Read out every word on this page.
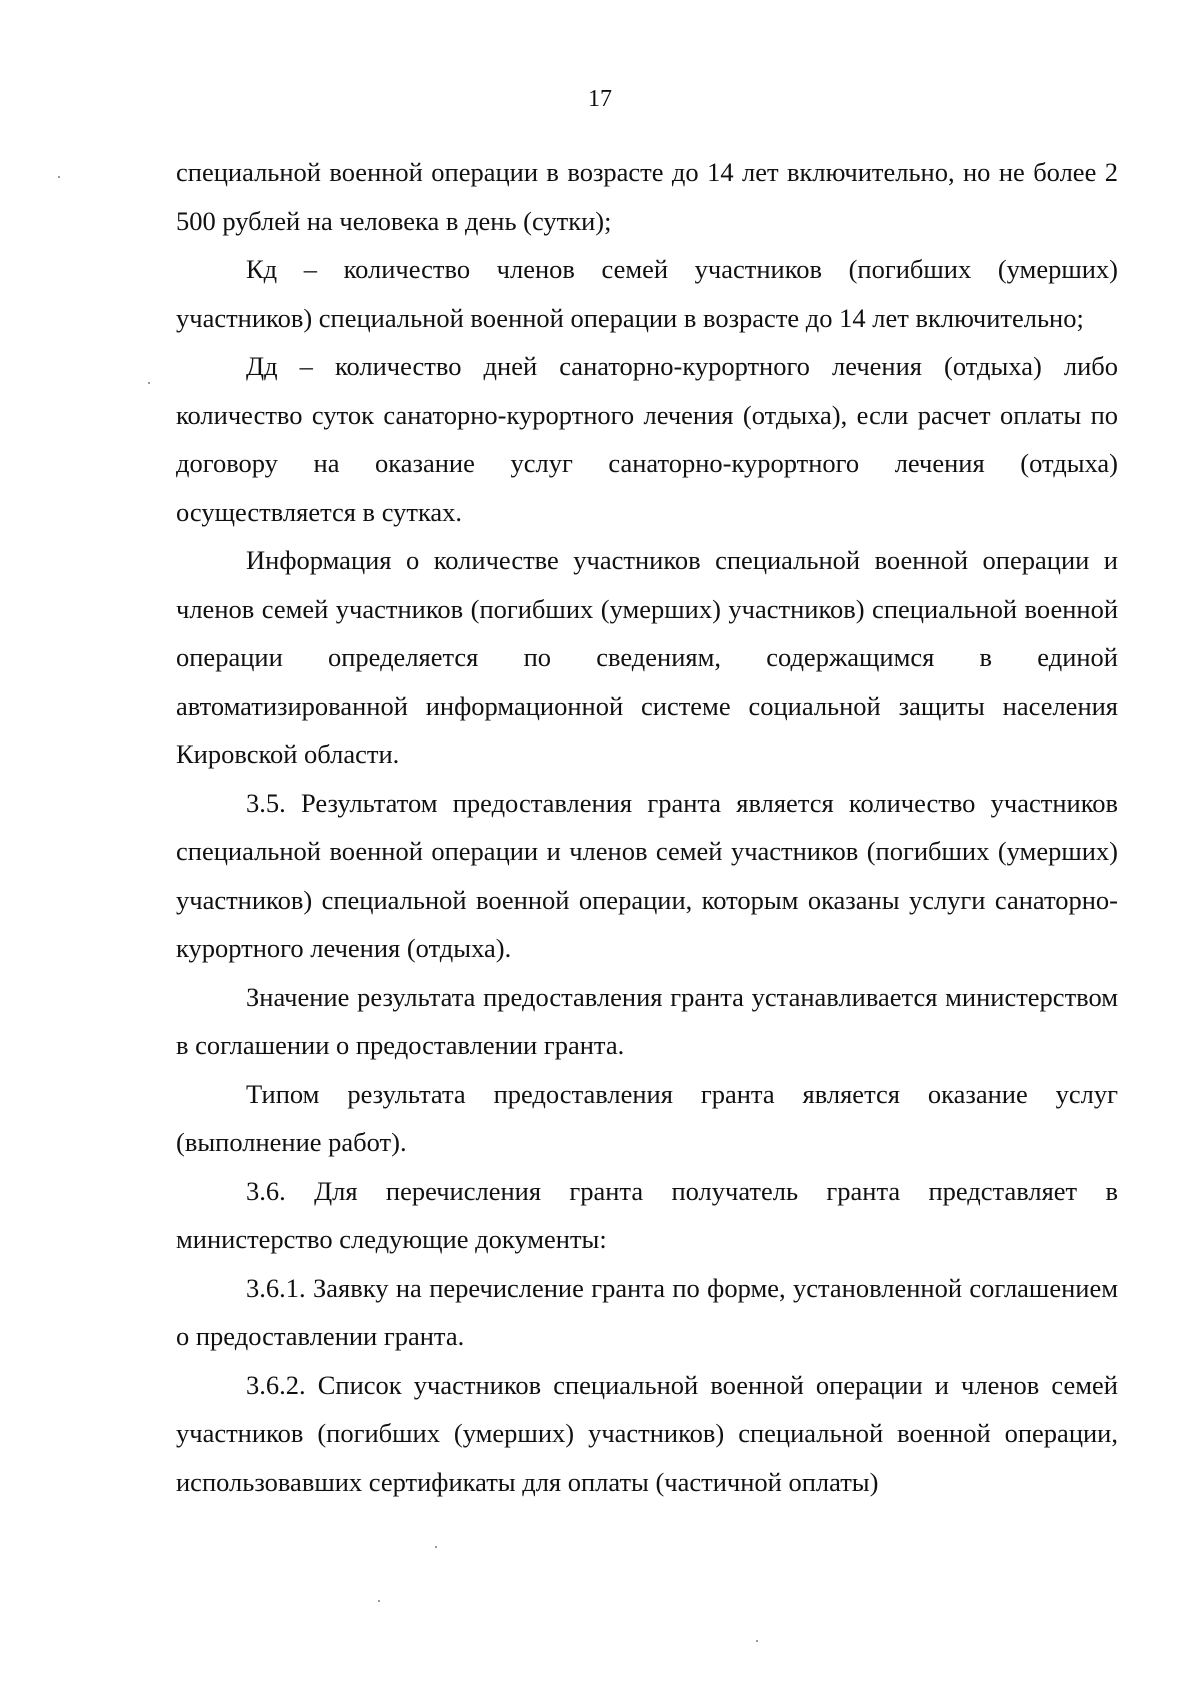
17

специальной военной операции в возрасте до 14 лет включительно, но не более 2 500 рублей на человека в день (сутки);

Кд – количество членов семей участников (погибших (умерших) участников) специальной военной операции в возрасте до 14 лет включительно;

Дд – количество дней санаторно-курортного лечения (отдыха) либо количество суток санаторно-курортного лечения (отдыха), если расчет оплаты по договору на оказание услуг санаторно-курортного лечения (отдыха) осуществляется в сутках.

Информация о количестве участников специальной военной операции и членов семей участников (погибших (умерших) участников) специальной военной операции определяется по сведениям, содержащимся в единой автоматизированной информационной системе социальной защиты населения Кировской области.

3.5. Результатом предоставления гранта является количество участников специальной военной операции и членов семей участников (погибших (умерших) участников) специальной военной операции, которым оказаны услуги санаторно-курортного лечения (отдыха).

Значение результата предоставления гранта устанавливается министерством в соглашении о предоставлении гранта.

Типом результата предоставления гранта является оказание услуг (выполнение работ).

3.6. Для перечисления гранта получатель гранта представляет в министерство следующие документы:

3.6.1. Заявку на перечисление гранта по форме, установленной соглашением о предоставлении гранта.

3.6.2. Список участников специальной военной операции и членов семей участников (погибших (умерших) участников) специальной военной операции, использовавших сертификаты для оплаты (частичной оплаты)
